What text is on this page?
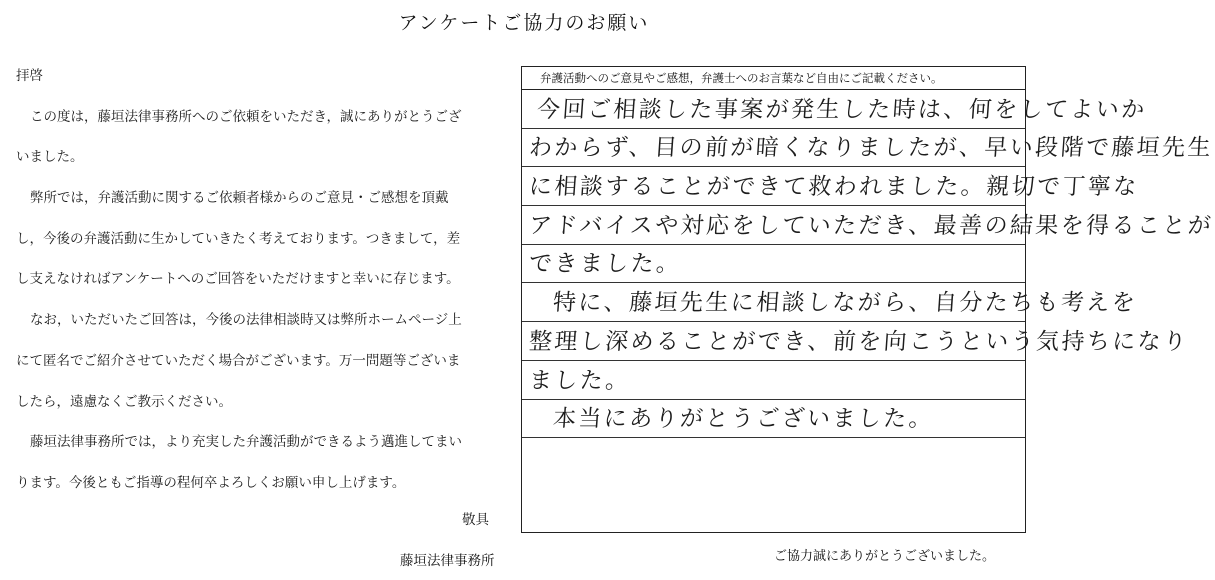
アンケートご協力のお願い
拝啓
この度は，藤垣法律事務所へのご依頼をいただき，誠にありがとうござ
いました。
弊所では，弁護活動に関するご依頼者様からのご意見・ご感想を頂戴
し，今後の弁護活動に生かしていきたく考えております。つきまして，差
し支えなければアンケートへのご回答をいただけますと幸いに存じます。
なお，いただいたご回答は，今後の法律相談時又は弊所ホームページ上
にて匿名でご紹介させていただく場合がございます。万一問題等ございま
したら，遠慮なくご教示ください。
藤垣法律事務所では，より充実した弁護活動ができるよう邁進してまい
ります。今後ともご指導の程何卒よろしくお願い申し上げます。
敬具
藤垣法律事務所
弁護活動へのご意見やご感想，弁護士へのお言葉など自由にご記載ください。
今回ご相談した事案が発生した時は、何をしてよいか
わからず、目の前が暗くなりましたが、早い段階で藤垣先生
に相談することができて救われました。親切で丁寧な
アドバイスや対応をしていただき、最善の結果を得ることが
できました。
特に、藤垣先生に相談しながら、自分たちも考えを
整理し深めることができ、前を向こうという気持ちになり
ました。
本当にありがとうございました。
ご協力誠にありがとうございました。
